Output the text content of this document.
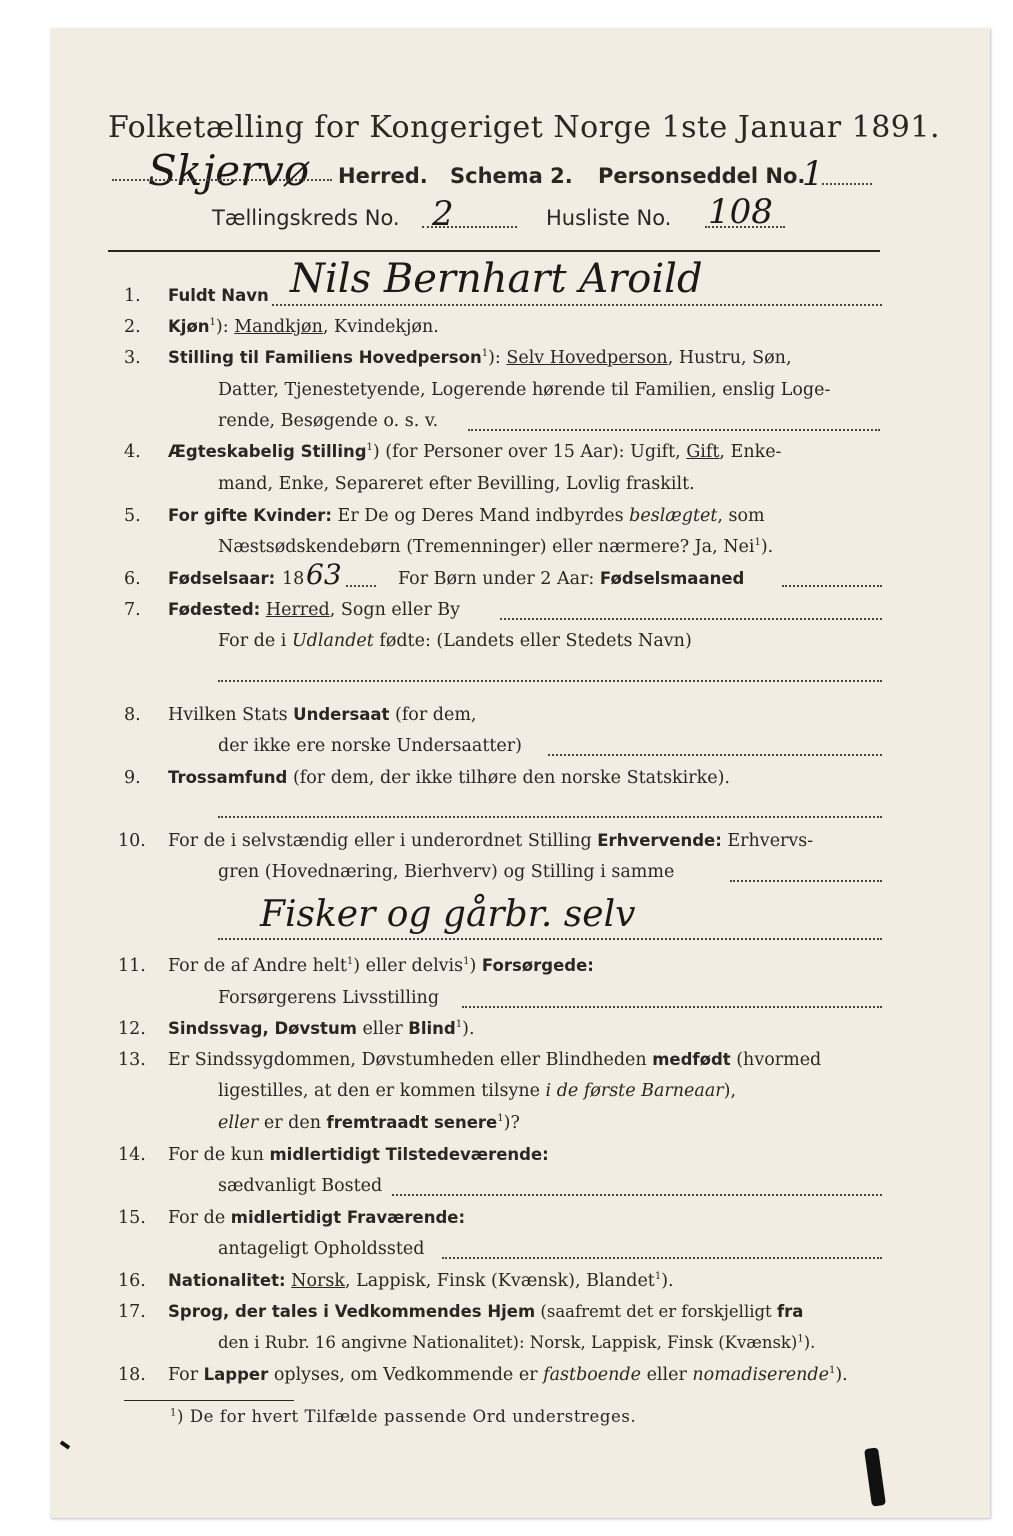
Folketælling for Kongeriget Norge 1ste Januar 1891.
Skjervø Herred. Schema 2. Personseddel No.
1
Tællingskreds No. 2	Husliste No. 108
1. Fuldt Navn Nils Bernhart Aroild
2. Kjøn$^1$): Mandkjøn, Kvindekjøn.
3. Stilling til Familiens Hovedperson$^1$): Selv Hovedperson, Hustru, Søn,
Datter, Tjenestetyende, Logerende hørende til Familien, enslig Loge-
rende, Besøgende o. s. v.
4. Ægteskabelig Stilling$^1$) (for Personer over 15 Aar): Ugift, Gift, Enke-
mand, Enke, Separeret efter Bevilling, Lovlig fraskilt.
5. For gifte Kvinder: Er De og Deres Mand indbyrdes beslægtet, som
Næstsødskendebørn (Tremenninger) eller nærmere? Ja, Nei$^1$).
6. Fødselsaar: 18 63	For Børn under 2 Aar: Fødselsmaaned
7. Fødested: Herred, Sogn eller By
For de i Udlandet fødte: (Landets eller Stedets Navn)
8. Hvilken Stats Undersaat (for dem,
der ikke ere norske Undersaatter)
9. Trossamfund (for dem, der ikke tilhøre den norske Statskirke).
10. For de i selvstændig eller i underordnet Stilling Erhvervende: Erhvervs-
gren (Hovednæring, Bierhverv) og Stilling i samme
Fisker og gårbr. selv
11. For de af Andre helt$^1$) eller delvis$^1$) Forsørgede:
Forsørgerens Livsstilling
12. Sindssvag, Døvstum eller Blind$^1$).
13. Er Sindssygdommen, Døvstumheden eller Blindheden medfødt (hvormed
ligestilles, at den er kommen tilsyne i de første Barneaar),
eller er den fremtraadt senere$^1$)?
14. For de kun midlertidigt Tilstedeværende:
sædvanligt Bosted
15. For de midlertidigt Fraværende:
antageligt Opholdssted
16. Nationalitet: Norsk, Lappisk, Finsk (Kvænsk), Blandet$^1$).
17. Sprog, der tales i Vedkommendes Hjem (saafremt det er forskjelligt fra
den i Rubr. 16 angivne Nationalitet): Norsk, Lappisk, Finsk (Kvænsk)$^1$).
18. For Lapper oplyses, om Vedkommende er fastboende eller nomadiserende$^1$).
$^1$) De for hvert Tilfælde passende Ord understreges.
